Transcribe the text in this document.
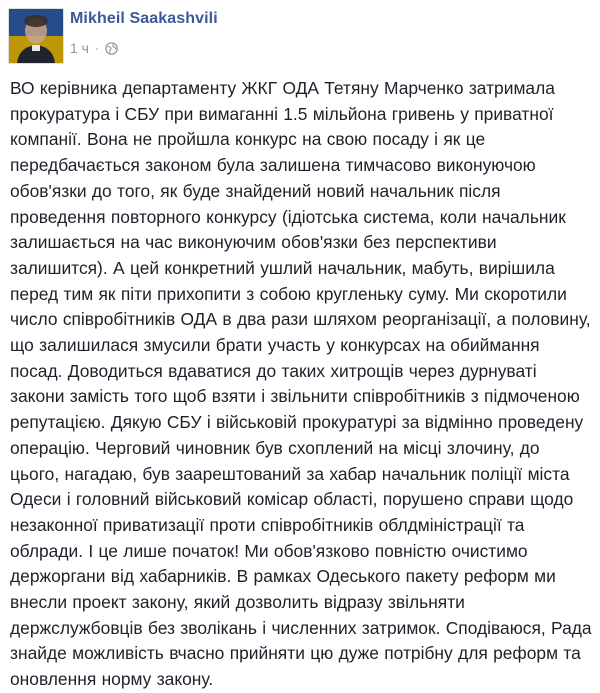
Mikheil Saakashvili
1 ч ·
ВО керівника департаменту ЖКГ ОДА Тетяну Марченко затримала прокуратура і СБУ при вимаганні 1.5 мільйона гривень у приватної компанії. Вона не пройшла конкурс на свою посаду і як це передбачається законом була залишена тимчасово виконуючою обов'язки до того, як буде знайдений новий начальник після проведення повторного конкурсу (ідіотська система, коли начальник залишається на час виконуючим обов'язки без перспективи залишится). А цей конкретний ушлий начальник, мабуть, вирішила перед тим як піти прихопити з собою кругленьку суму. Ми скоротили число співробітників ОДА в два рази шляхом реорганізації, а половину, що залишилася змусили брати участь у конкурсах на обиймання посад. Доводиться вдаватися до таких хитрощів через дурнуваті закони замість того щоб взяти і звільнити співробітників з підмоченою репутацією. Дякую СБУ і військовій прокуратурі за відмінно проведену операцію. Черговий чиновник був схоплений на місці злочину, до цього, нагадаю, був заарештований за хабар начальник поліції міста Одеси і головний військовий комісар області, порушено справи щодо незаконної приватизації проти співробітників облдміністрації та облради. І це лише початок! Ми обов'язково повністю очистимо держоргани від хабарників. В рамках Одеського пакету реформ ми внесли проект закону, який дозволить відразу звільняти держслужбовців без зволікань і численних затримок. Сподіваюся, Рада знайде можливість вчасно прийняти цю дуже потрібну для реформ та оновлення норму закону.
